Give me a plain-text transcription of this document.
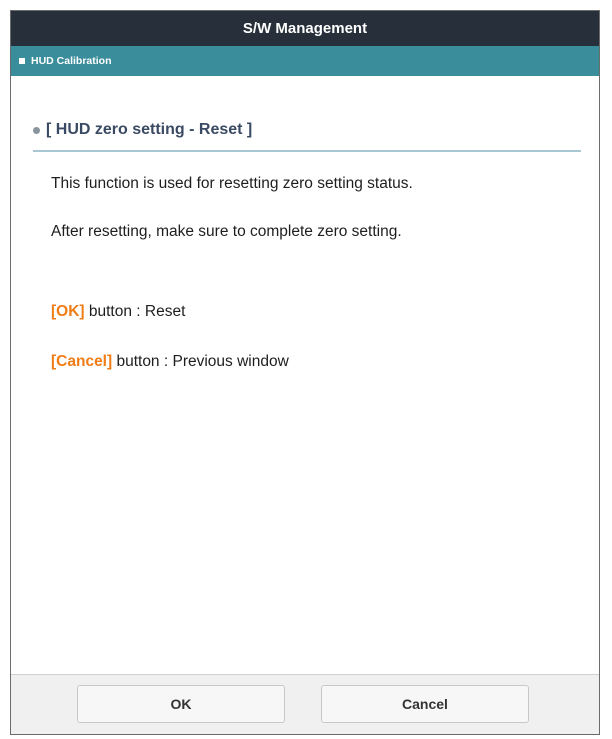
S/W Management
HUD Calibration
[ HUD zero setting - Reset ]
This function is used for resetting zero setting status.
After resetting, make sure to complete zero setting.
[OK] button : Reset
[Cancel] button : Previous window
OK	Cancel
